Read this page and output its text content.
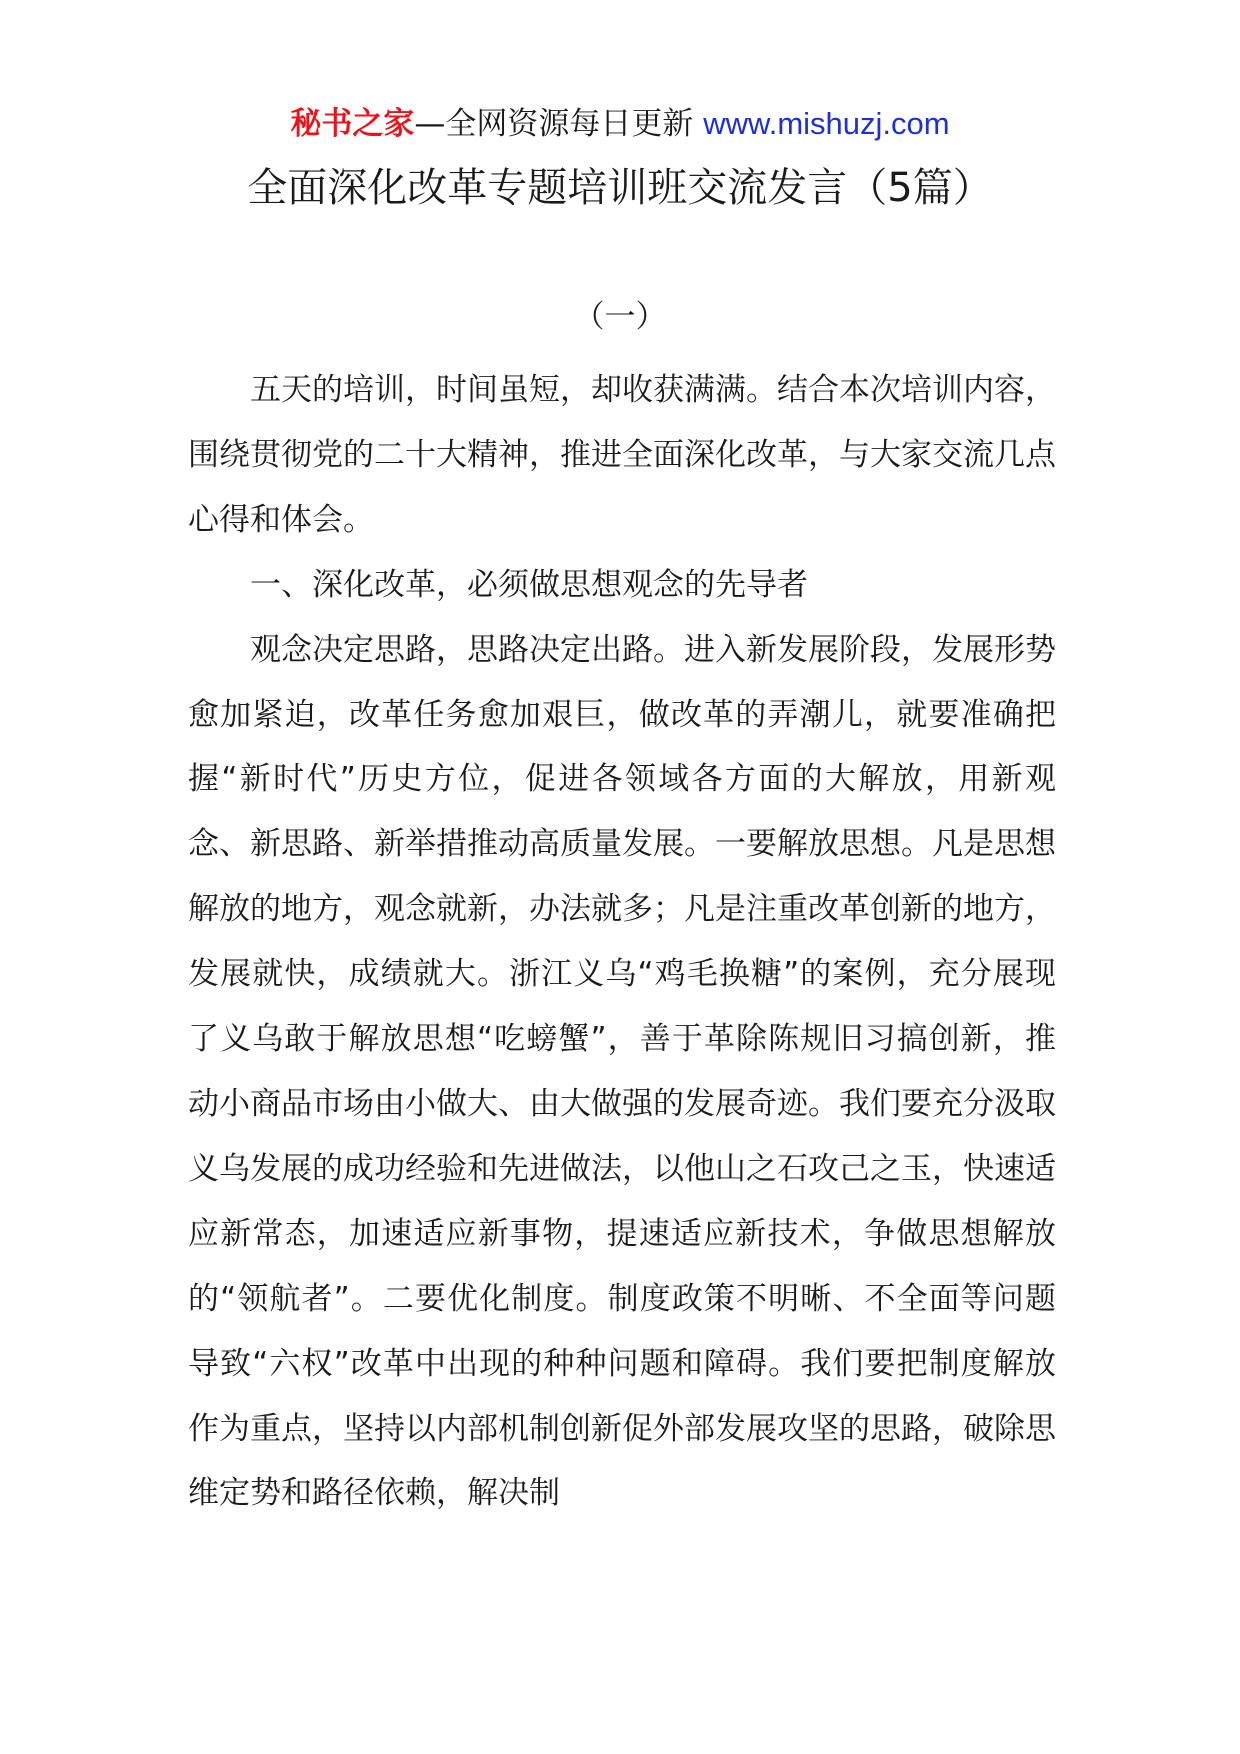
秘书之家—全网资源每日更新 www.mishuzj.com
全面深化改革专题培训班交流发言（5篇）
（一）

五天的培训，时间虽短，却收获满满。结合本次培训内容，围绕贯彻党的二十大精神，推进全面深化改革，与大家交流几点心得和体会。

一、深化改革，必须做思想观念的先导者

观念决定思路，思路决定出路。进入新发展阶段，发展形势愈加紧迫，改革任务愈加艰巨，做改革的弄潮儿，就要准确把握“新时代”历史方位，促进各领域各方面的大解放，用新观念、新思路、新举措推动高质量发展。一要解放思想。凡是思想解放的地方，观念就新，办法就多；凡是注重改革创新的地方，发展就快，成绩就大。浙江义乌“鸡毛换糖”的案例，充分展现了义乌敢于解放思想“吃螃蟹”，善于革除陈规旧习搞创新，推动小商品市场由小做大、由大做强的发展奇迹。我们要充分汲取义乌发展的成功经验和先进做法，以他山之石攻己之玉，快速适应新常态，加速适应新事物，提速适应新技术，争做思想解放的“领航者”。二要优化制度。制度政策不明晰、不全面等问题导致“六权”改革中出现的种种问题和障碍。我们要把制度解放作为重点，坚持以内部机制创新促外部发展攻坚的思路，破除思维定势和路径依赖，解决制
